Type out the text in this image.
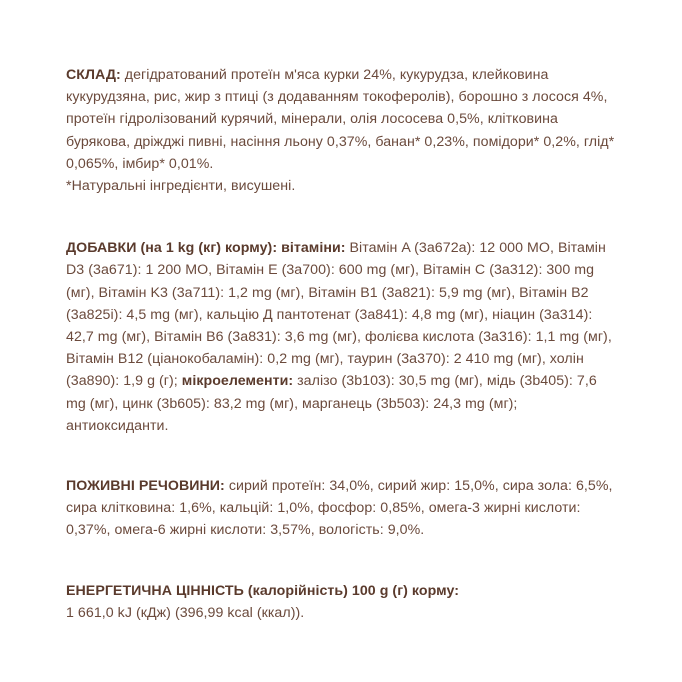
СКЛАД: дегідратований протеїн м'яса курки 24%, кукурудза, клейковина кукурудзяна, рис, жир з птиці (з додаванням токоферолів), борошно з лосося 4%, протеїн гідролізований курячий, мінерали, олія лососева 0,5%, клітковина бурякова, дріжджі пивні, насіння льону 0,37%, банан* 0,23%, помідори* 0,2%, глід* 0,065%, імбир* 0,01%.
*Натуральні інгредієнти, висушені.

ДОБАВКИ (на 1 kg (кг) корму): вітаміни: Вітамін A (3a672a): 12 000 МО, Вітамін D3 (3a671): 1 200 МО, Вітамін E (3a700): 600 mg (мг), Вітамін C (3a312): 300 mg (мг), Вітамін K3 (3a711): 1,2 mg (мг), Вітамін B1 (3a821): 5,9 mg (мг), Вітамін B2 (3a825i): 4,5 mg (мг), кальцію Д пантотенат (3a841): 4,8 mg (мг), ніацин (3a314): 42,7 mg (мг), Вітамін B6 (3a831): 3,6 mg (мг), фолієва кислота (3a316): 1,1 mg (мг), Вітамін B12 (ціанокобаламін): 0,2 mg (мг), таурин (3a370): 2 410 mg (мг), холін (3a890): 1,9 g (г); мікроелементи: залізо (3b103): 30,5 mg (мг), мідь (3b405): 7,6 mg (мг), цинк (3b605): 83,2 mg (мг), марганець (3b503): 24,3 mg (мг); антиоксиданти.

ПОЖИВНІ РЕЧОВИНИ: сирий протеїн: 34,0%, сирий жир: 15,0%, сира зола: 6,5%, сира клітковина: 1,6%, кальцій: 1,0%, фосфор: 0,85%, омега-3 жирні кислоти: 0,37%, омега-6 жирні кислоти: 3,57%, вологість: 9,0%.

ЕНЕРГЕТИЧНА ЦІННІСТЬ (калорійність) 100 g (г) корму:
1 661,0 kJ (кДж) (396,99 kcal (ккал)).
